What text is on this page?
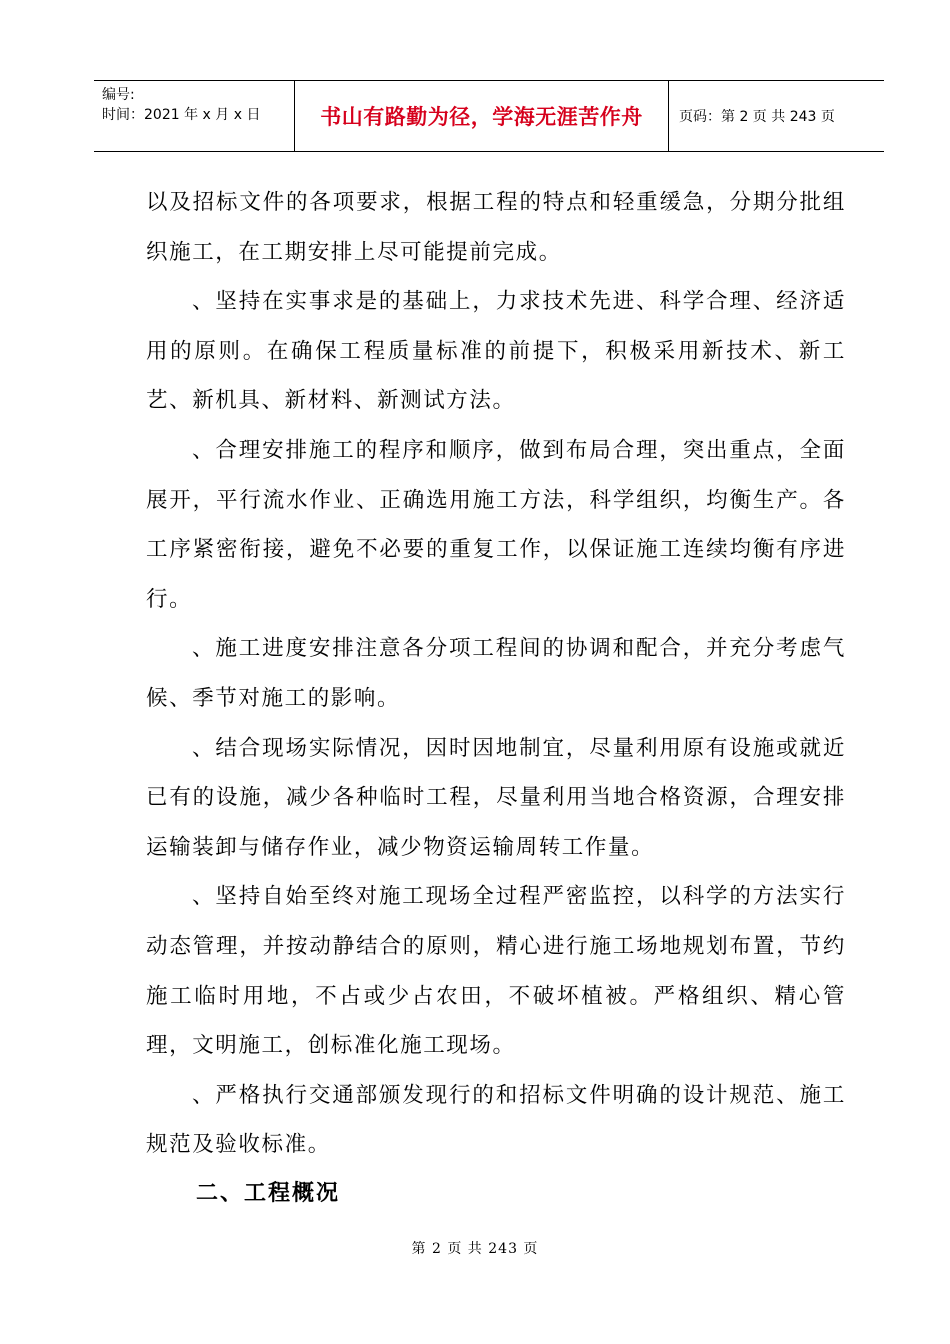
编号:
时间：2021 年 x 月 x 日	书山有路勤为径，学海无涯苦作舟	页码：第 2 页 共 243 页

以及招标文件的各项要求，根据工程的特点和轻重缓急，分期分批组织施工，在工期安排上尽可能提前完成。

、坚持在实事求是的基础上，力求技术先进、科学合理、经济适用的原则。在确保工程质量标准的前提下，积极采用新技术、新工艺、新机具、新材料、新测试方法。

、合理安排施工的程序和顺序，做到布局合理，突出重点，全面展开，平行流水作业、正确选用施工方法，科学组织，均衡生产。各工序紧密衔接，避免不必要的重复工作，以保证施工连续均衡有序进行。

、施工进度安排注意各分项工程间的协调和配合，并充分考虑气候、季节对施工的影响。

、结合现场实际情况，因时因地制宜，尽量利用原有设施或就近已有的设施，减少各种临时工程，尽量利用当地合格资源，合理安排运输装卸与储存作业，减少物资运输周转工作量。

、坚持自始至终对施工现场全过程严密监控，以科学的方法实行动态管理，并按动静结合的原则，精心进行施工场地规划布置，节约施工临时用地，不占或少占农田，不破坏植被。严格组织、精心管理，文明施工，创标准化施工现场。

、严格执行交通部颁发现行的和招标文件明确的设计规范、施工规范及验收标准。

二、工程概况
第 2 页 共 243 页
